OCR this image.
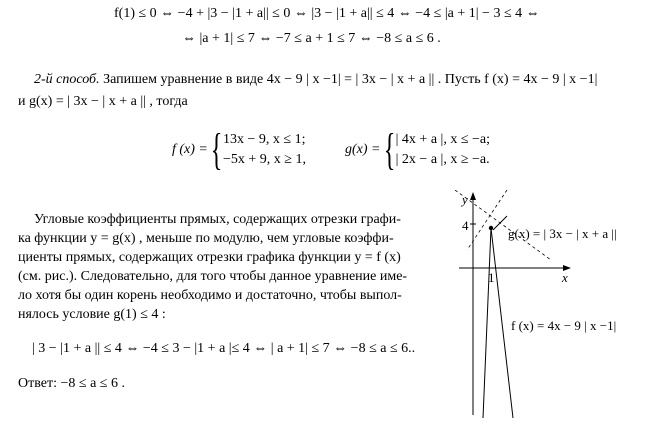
f(1) ≤ 0 ⇔ −4 + |3 − |1 + a|| ≤ 0 ⇔ |3 − |1 + a|| ≤ 4 ⇔ −4 ≤ |a + 1| − 3 ≤ 4 ⇔
⇔ |a + 1| ≤ 7 ⇔ −7 ≤ a + 1 ≤ 7 ⇔ −8 ≤ a ≤ 6 .
2-й способ. Запишем уравнение в виде 4x − 9 | x −1| = | 3x − | x + a || . Пусть f (x) = 4x − 9 | x −1|
и g(x) = | 3x − | x + a || , тогда
f (x) = { 13x − 9, x ≤ 1;
−5x + 9, x ≥ 1,
g(x) = { | 4x + a |, x ≤ −a;
| 2x − a |, x ≥ −a.
Угловые коэффициенты прямых, содержащих отрезки графи-
ка функции y = g(x) , меньше по модулю, чем угловые коэффи-
циенты прямых, содержащих отрезки графика функции y = f (x)
(см. рис.). Следовательно, для того чтобы данное уравнение име-
ло хотя бы один корень необходимо и достаточно, чтобы выпол-
нялось условие g(1) ≤ 4 :
| 3 − |1 + a || ≤ 4 ⇔ −4 ≤ 3 − |1 + a |≤ 4 ⇔ | a + 1| ≤ 7 ⇔ −8 ≤ a ≤ 6..
Ответ: −8 ≤ a ≤ 6 .
y
x
4
1
g(x) = | 3x − | x + a ||
f (x) = 4x − 9 | x −1|
